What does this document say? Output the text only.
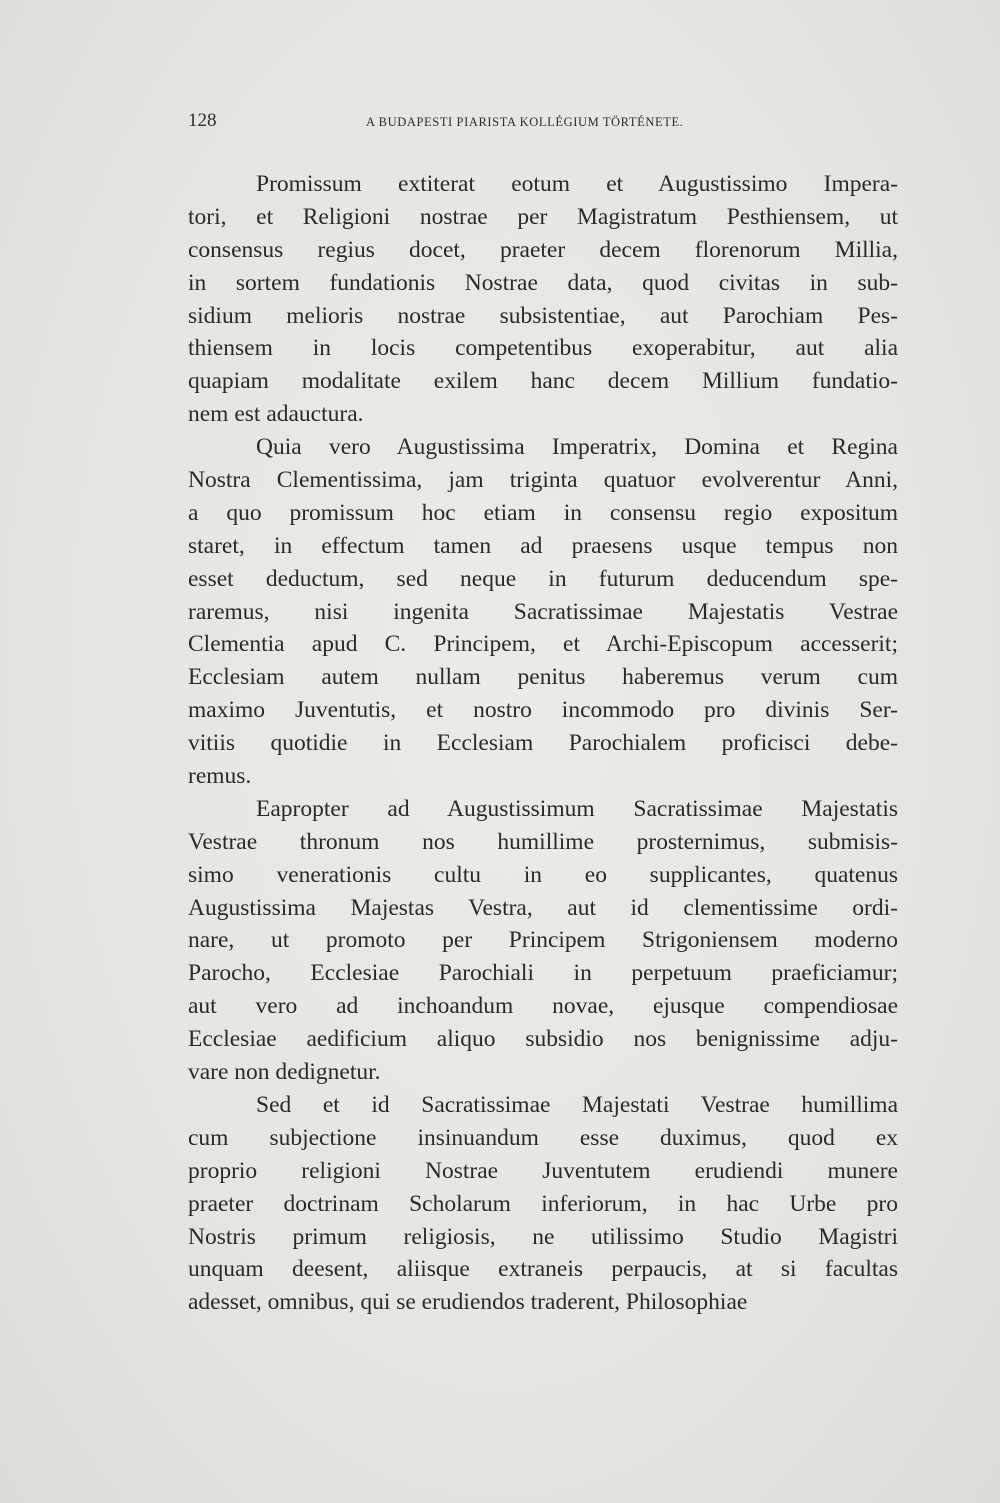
128	A BUDAPESTI PIARISTA KOLLÉGIUM TÖRTÉNETE.
Promissum extiterat eotum et Augustissimo Impera-
tori, et Religioni nostrae per Magistratum Pesthiensem, ut
consensus regius docet, praeter decem florenorum Millia,
in sortem fundationis Nostrae data, quod civitas in sub-
sidium melioris nostrae subsistentiae, aut Parochiam Pes-
thiensem in locis competentibus exoperabitur, aut alia
quapiam modalitate exilem hanc decem Millium fundatio-
nem est adauctura.
Quia vero Augustissima Imperatrix, Domina et Regina
Nostra Clementissima, jam triginta quatuor evolverentur Anni,
a quo promissum hoc etiam in consensu regio expositum
staret, in effectum tamen ad praesens usque tempus non
esset deductum, sed neque in futurum deducendum spe-
raremus, nisi ingenita Sacratissimae Majestatis Vestrae
Clementia apud C. Principem, et Archi-Episcopum accesserit;
Ecclesiam autem nullam penitus haberemus verum cum
maximo Juventutis, et nostro incommodo pro divinis Ser-
vitiis quotidie in Ecclesiam Parochialem proficisci debe-
remus.
Eapropter ad Augustissimum Sacratissimae Majestatis
Vestrae thronum nos humillime prosternimus, submisis-
simo venerationis cultu in eo supplicantes, quatenus
Augustissima Majestas Vestra, aut id clementissime ordi-
nare, ut promoto per Principem Strigoniensem moderno
Parocho, Ecclesiae Parochiali in perpetuum praeficiamur;
aut vero ad inchoandum novae, ejusque compendiosae
Ecclesiae aedificium aliquo subsidio nos benignissime adju-
vare non dedignetur.
Sed et id Sacratissimae Majestati Vestrae humillima
cum subjectione insinuandum esse duximus, quod ex
proprio religioni Nostrae Juventutem erudiendi munere
praeter doctrinam Scholarum inferiorum, in hac Urbe pro
Nostris primum religiosis, ne utilissimo Studio Magistri
unquam deesent, aliisque extraneis perpaucis, at si facultas
adesset, omnibus, qui se erudiendos traderent, Philosophiae
